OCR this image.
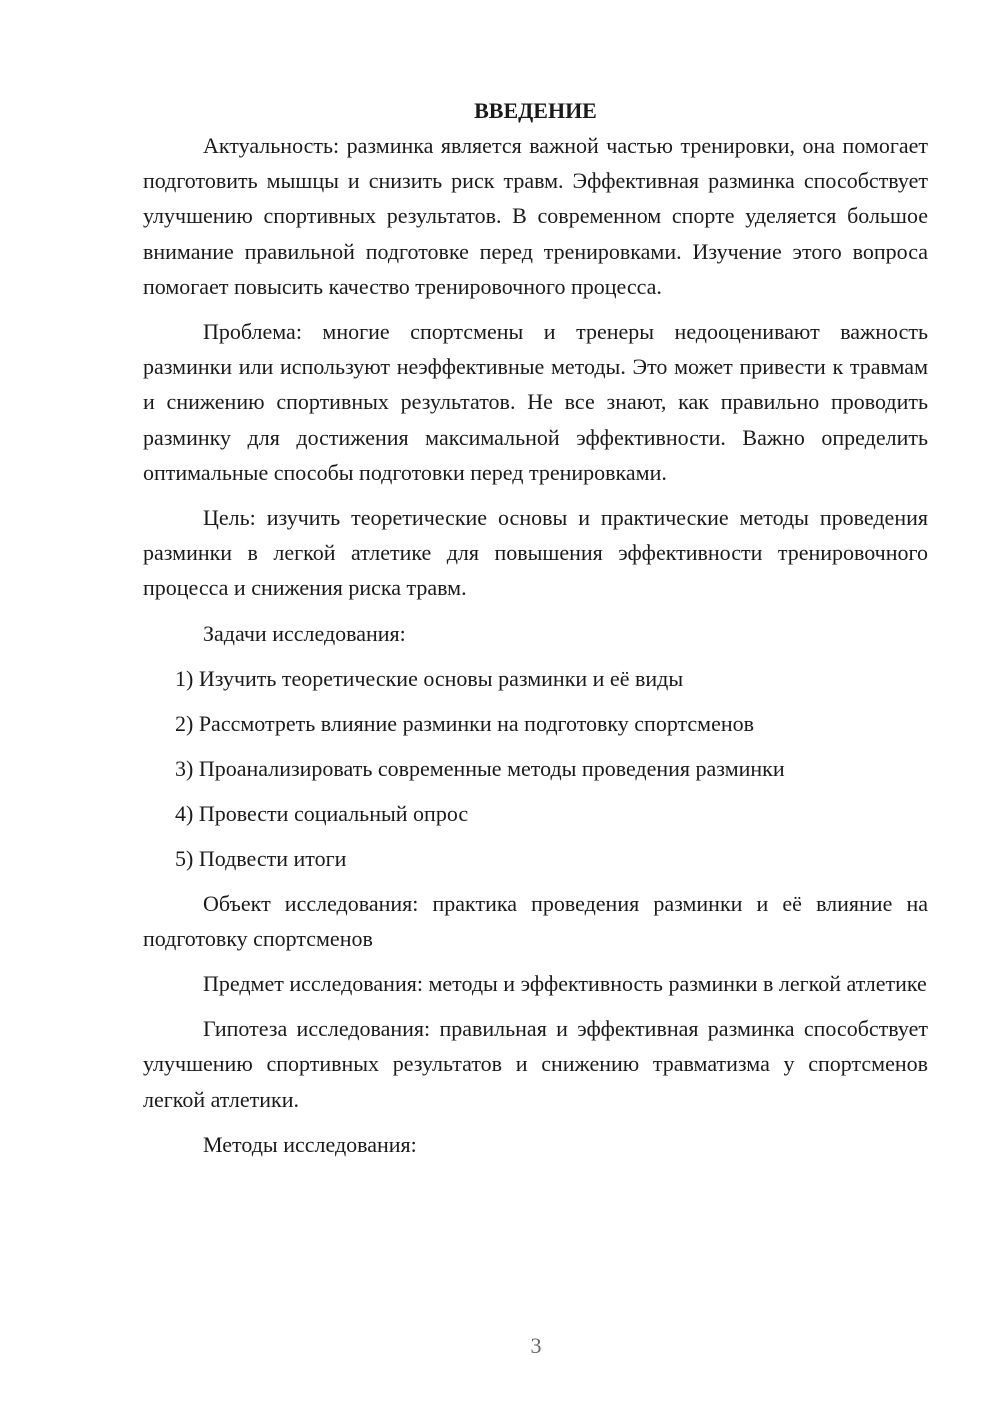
ВВЕДЕНИЕ

Актуальность: разминка является важной частью тренировки, она помогает подготовить мышцы и снизить риск травм. Эффективная разминка способствует улучшению спортивных результатов. В современном спорте уделяется большое внимание правильной подготовке перед тренировками. Изучение этого вопроса помогает повысить качество тренировочного процесса.

Проблема: многие спортсмены и тренеры недооценивают важность разминки или используют неэффективные методы. Это может привести к травмам и снижению спортивных результатов. Не все знают, как правильно проводить разминку для достижения максимальной эффективности. Важно определить оптимальные способы подготовки перед тренировками.

Цель: изучить теоретические основы и практические методы проведения разминки в легкой атлетике для повышения эффективности тренировочного процесса и снижения риска травм.

Задачи исследования:

1) Изучить теоретические основы разминки и её виды
2) Рассмотреть влияние разминки на подготовку спортсменов
3) Проанализировать современные методы проведения разминки
4) Провести социальный опрос
5) Подвести итоги

Объект исследования: практика проведения разминки и её влияние на подготовку спортсменов

Предмет исследования: методы и эффективность разминки в легкой атлетике

Гипотеза исследования: правильная и эффективная разминка способствует улучшению спортивных результатов и снижению травматизма у спортсменов легкой атлетики.

Методы исследования:

3
